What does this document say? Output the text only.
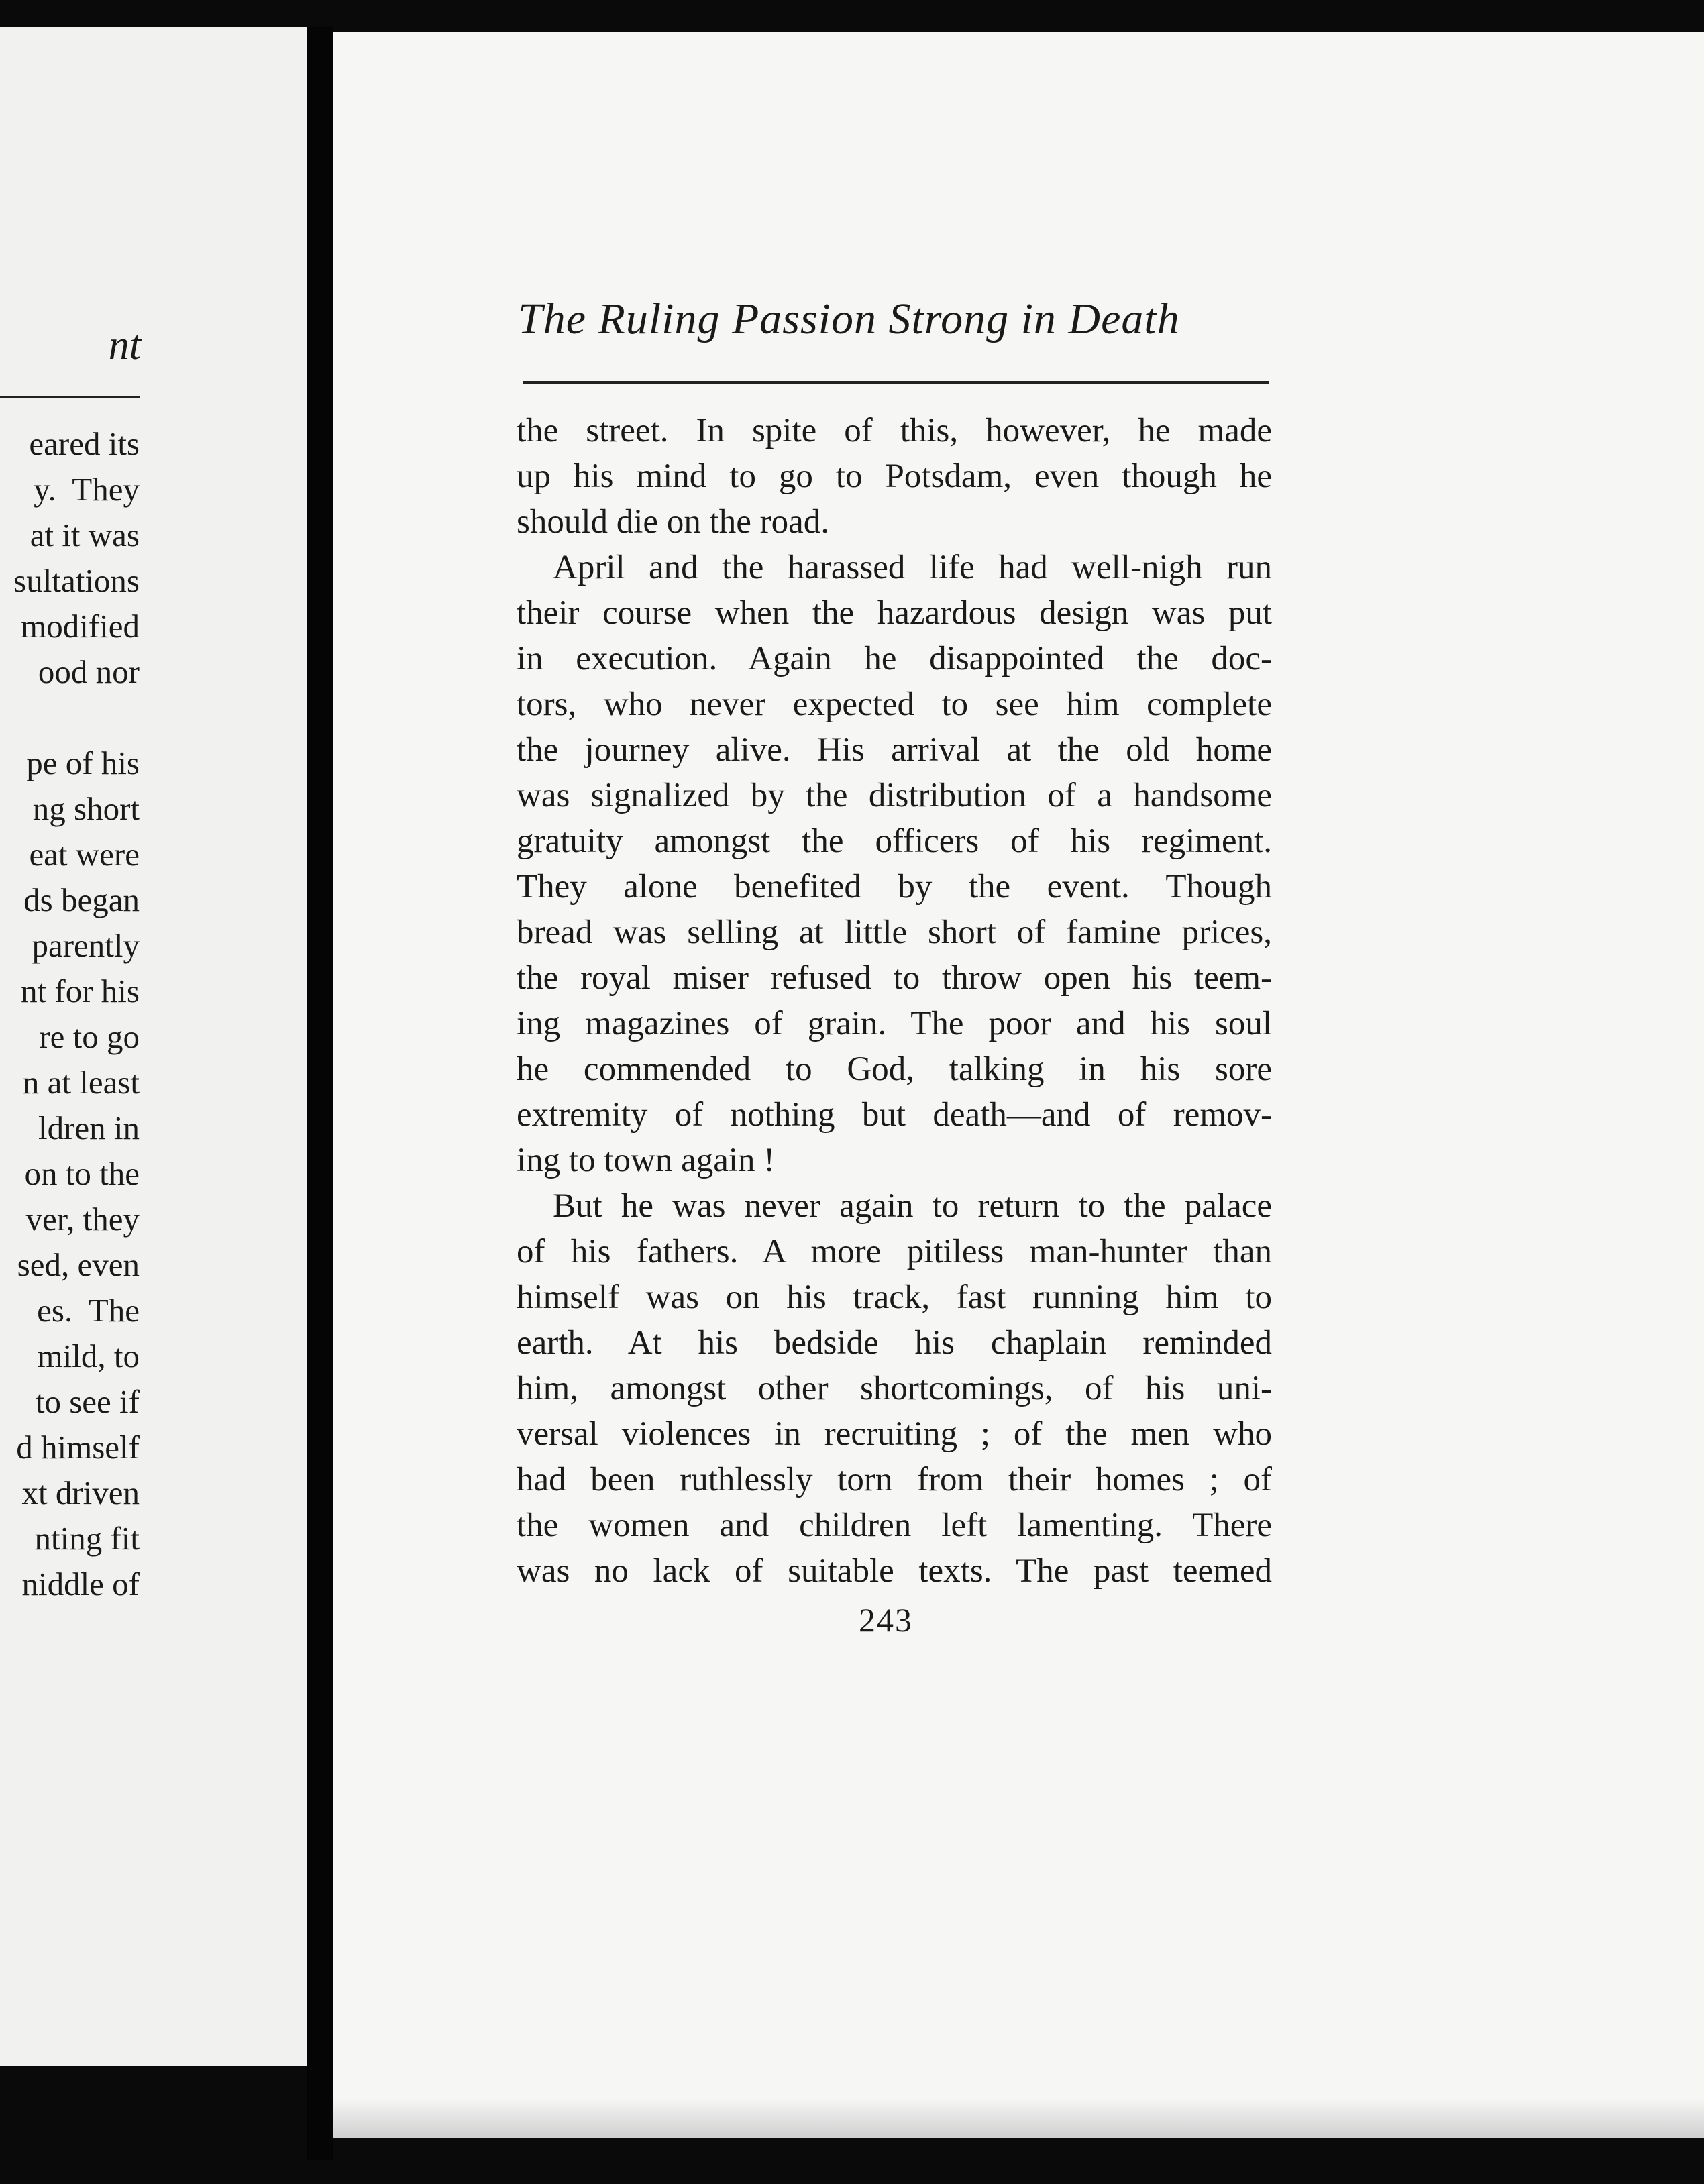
nt
eared its
y.  They
at it was
sultations
modified
ood nor
pe of his
ng short
eat were
ds began
parently
nt for his
re to go
n at least
ldren in
on to the
ver, they
sed, even
es.  The
mild, to
to see if
d himself
xt driven
nting fit
niddle of
The Ruling Passion Strong in Death
the street. In spite of this, however, he made
up his mind to go to Potsdam, even though he
should die on the road.
April and the harassed life had well-nigh run
their course when the hazardous design was put
in execution. Again he disappointed the doc-
tors, who never expected to see him complete
the journey alive. His arrival at the old home
was signalized by the distribution of a handsome
gratuity amongst the officers of his regiment.
They alone benefited by the event. Though
bread was selling at little short of famine prices,
the royal miser refused to throw open his teem-
ing magazines of grain. The poor and his soul
he commended to God, talking in his sore
extremity of nothing but death—and of remov-
ing to town again !
But he was never again to return to the palace
of his fathers. A more pitiless man-hunter than
himself was on his track, fast running him to
earth. At his bedside his chaplain reminded
him, amongst other shortcomings, of his uni-
versal violences in recruiting ; of the men who
had been ruthlessly torn from their homes ; of
the women and children left lamenting. There
was no lack of suitable texts. The past teemed
243
